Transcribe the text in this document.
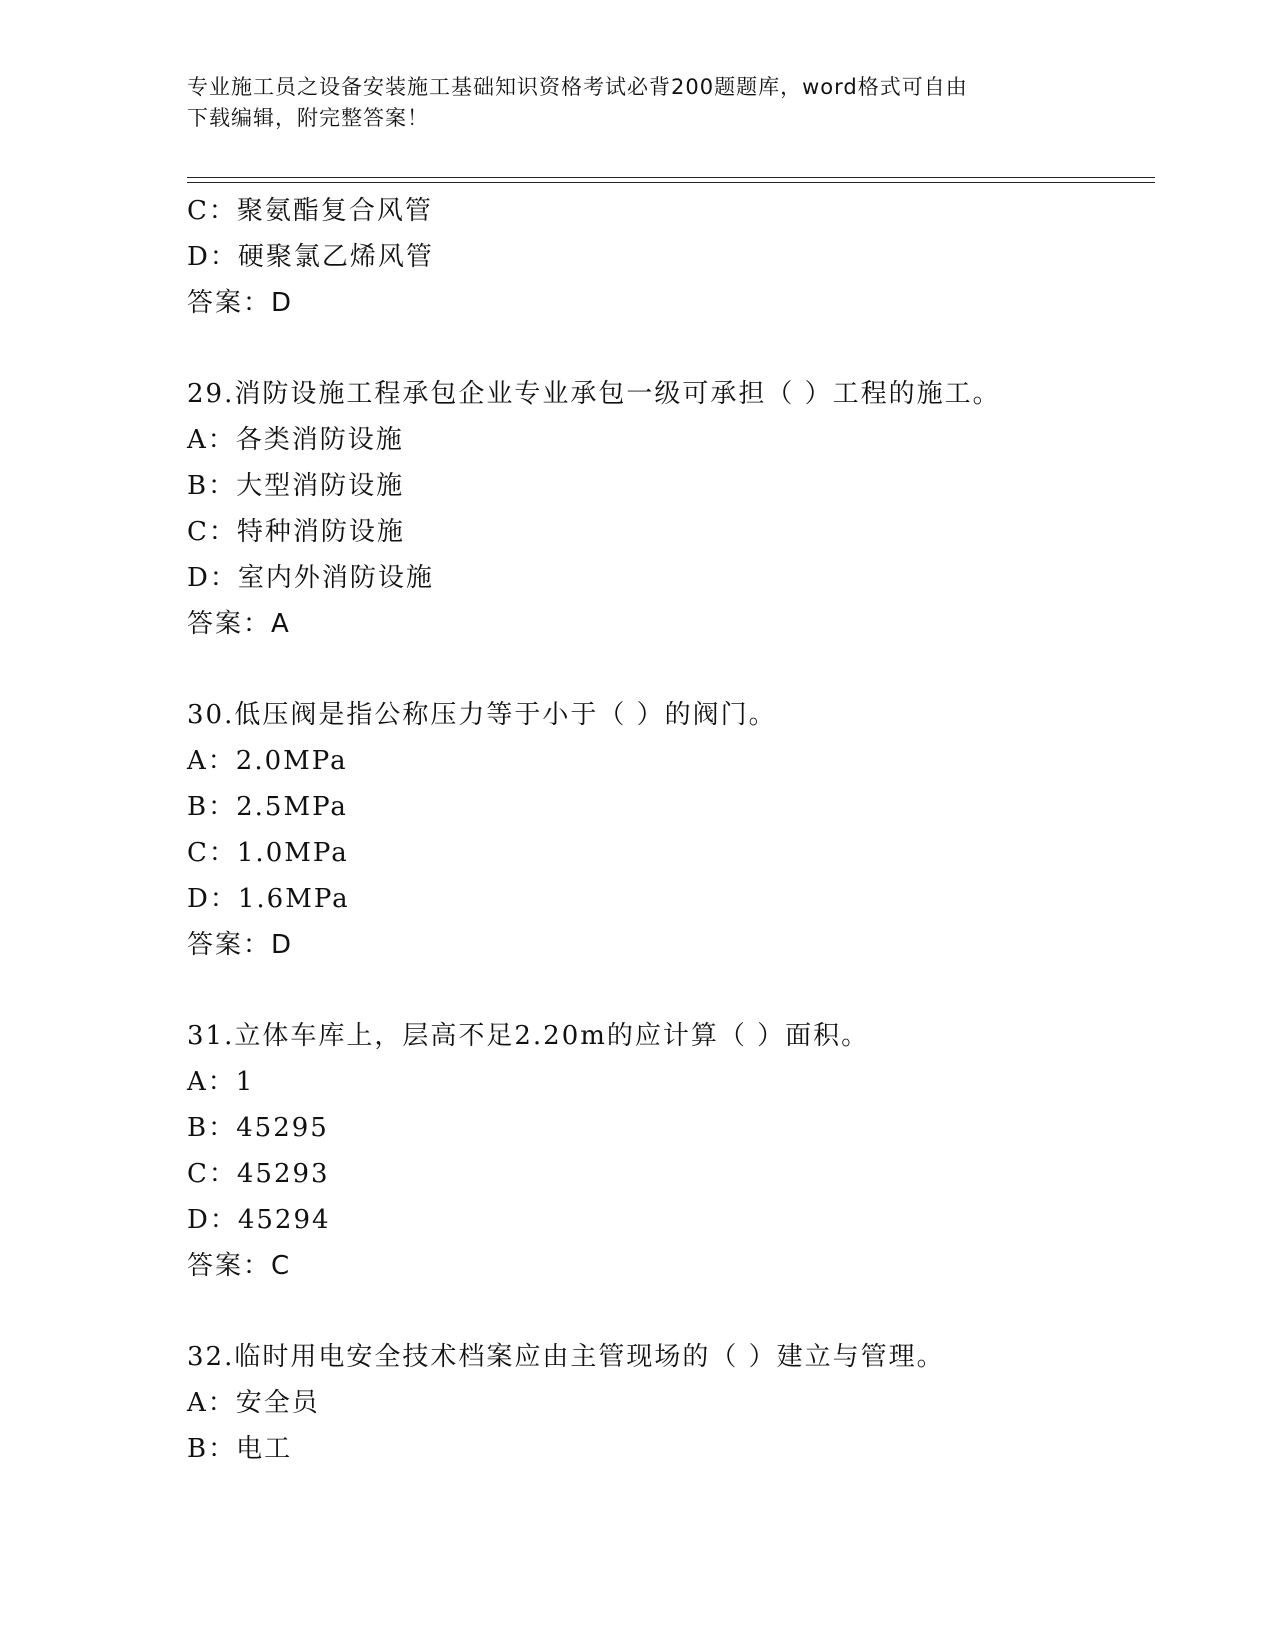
专业施工员之设备安装施工基础知识资格考试必背200题题库，word格式可自由
下载编辑，附完整答案！
C：聚氨酯复合风管
D：硬聚氯乙烯风管
答案：D
29.消防设施工程承包企业专业承包一级可承担（ ）工程的施工。
A：各类消防设施
B：大型消防设施
C：特种消防设施
D：室内外消防设施
答案：A
30.低压阀是指公称压力等于小于（ ）的阀门。
A：2.0MPa
B：2.5MPa
C：1.0MPa
D：1.6MPa
答案：D
31.立体车库上，层高不足2.20m的应计算（ ）面积。
A：1
B：45295
C：45293
D：45294
答案：C
32.临时用电安全技术档案应由主管现场的（ ）建立与管理。
A：安全员
B：电工
